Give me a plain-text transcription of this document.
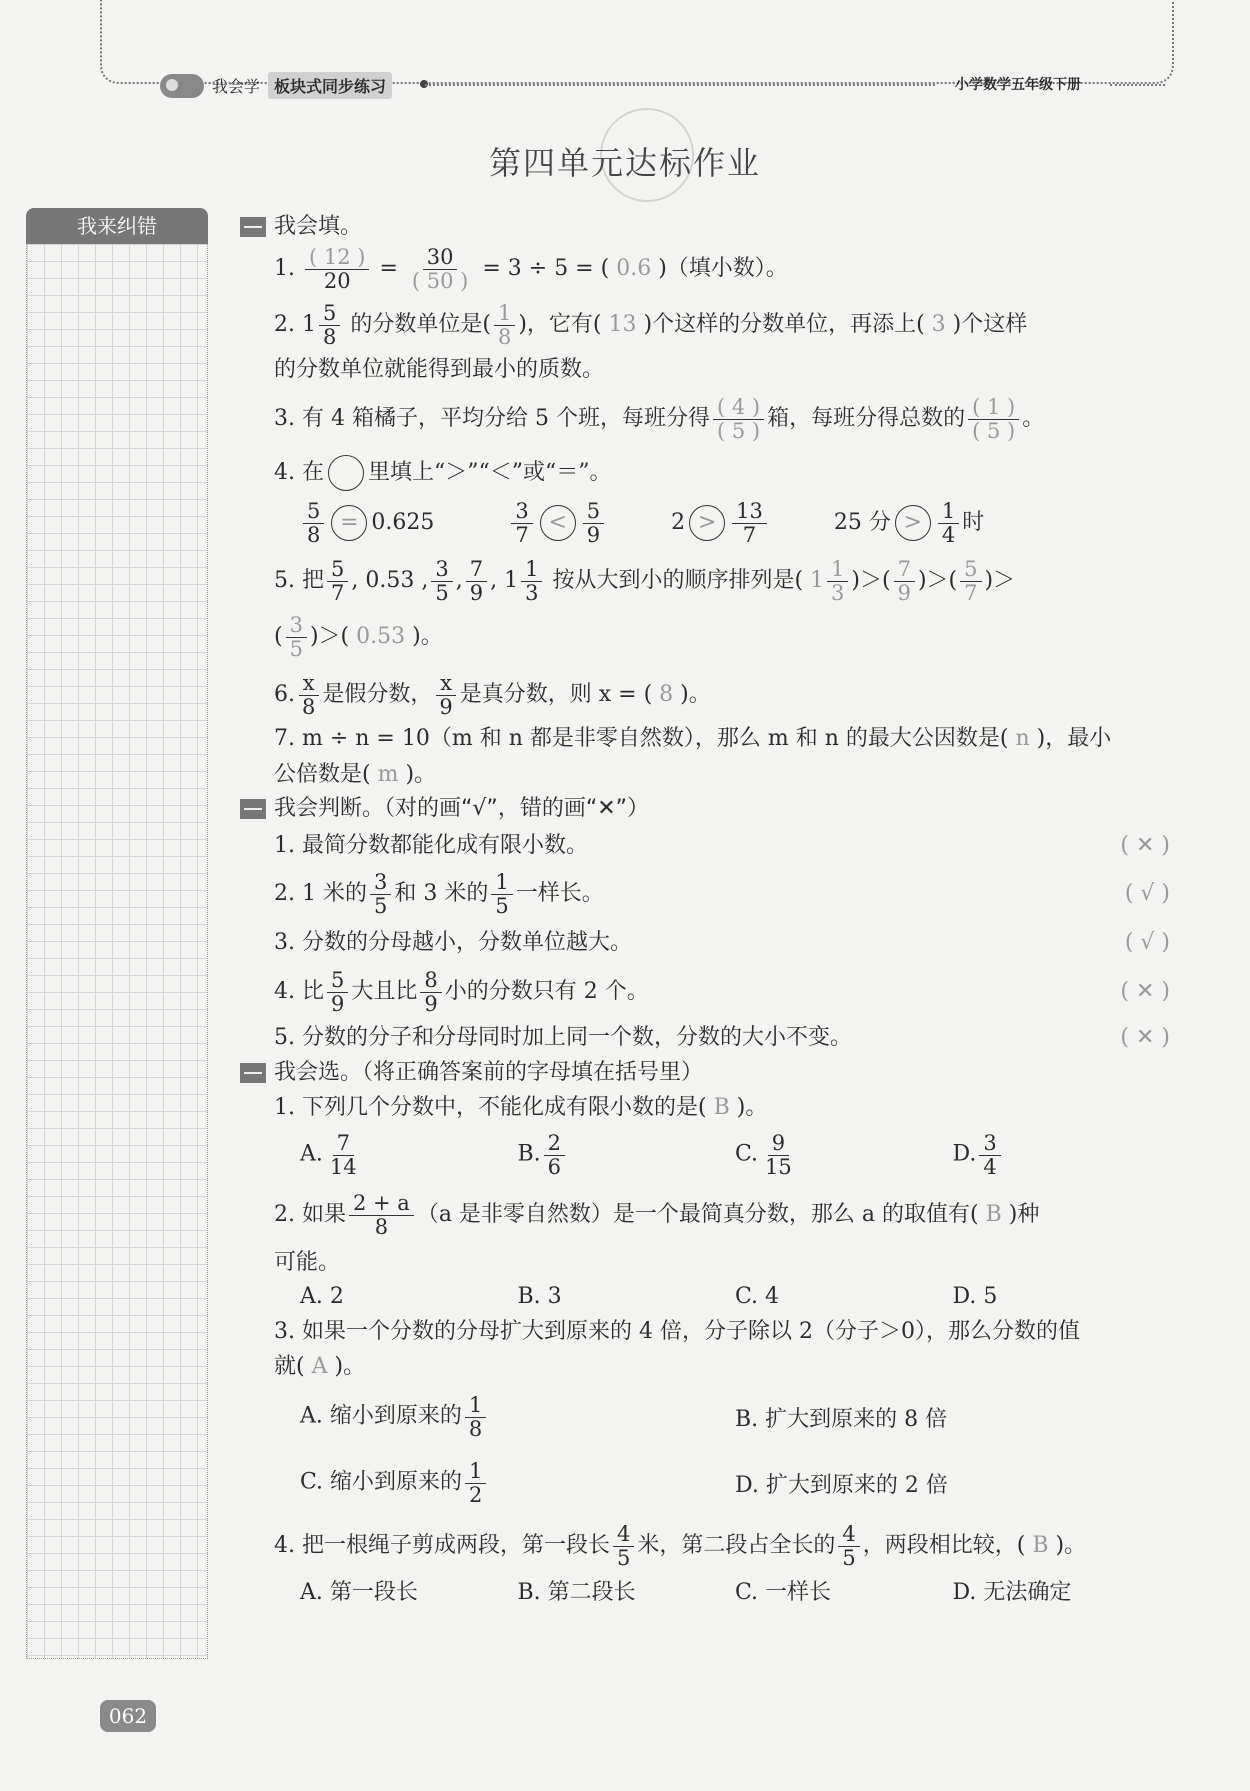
我会学 板块式同步练习	小学数学五年级下册
第四单元达标作业
我来纠错	我会填。
1. $\frac{( 12 )}{20} = \frac{30}{( 50 )} = 3 \div 5$ = ( 0.6 )（填小数）。
2. $1 \frac{5}{8}$ 的分数单位是( $\frac{1}{8}$ )，它有( 13 )个这样的分数单位，再添上( 3 )个这样
的分数单位就能得到最小的质数。
3. 有 4 箱橘子，平均分给 5 个班，每班分得 $\frac{( 4 )}{( 5 )}$ 箱，每班分得总数的 $\frac{( 1 )}{( 5 )}$ 。
4. 在 里填上“＞”“＜”或“＝”。
$\frac{5}{8} = 0.625$	$\frac{3}{7} < \frac{5}{9}$	$2 > \frac{13}{7}$	25 分 > $\frac{1}{4}$ 时
5. 把 $\frac{5}{7}$ , 0.53 , $\frac{3}{5}$ , $\frac{7}{9}$ , $1 \frac{1}{3}$ 按从大到小的顺序排列是( $1 \frac{1}{3}$ )＞( $\frac{7}{9}$ )＞( $\frac{5}{7}$ )＞
( $\frac{3}{5}$ )＞( 0.53 )。
6. $\frac{x}{8}$ 是假分数， $\frac{x}{9}$ 是真分数，则 x = ( 8 )。
7. m ÷ n = 10（m 和 n 都是非零自然数），那么 m 和 n 的最大公因数是( n )，最小
公倍数是( m )。
我会判断。（对的画“√”，错的画“✕”）
1. 最简分数都能化成有限小数。	( ✕ )
2. 1 米的 $\frac{3}{5}$ 和 3 米的 $\frac{1}{5}$ 一样长。	( √ )
3. 分数的分母越小，分数单位越大。	( √ )
4. 比 $\frac{5}{9}$ 大且比 $\frac{8}{9}$ 小的分数只有 2 个。	( ✕ )
5. 分数的分子和分母同时加上同一个数，分数的大小不变。	( ✕ )
我会选。（将正确答案前的字母填在括号里）
1. 下列几个分数中，不能化成有限小数的是( B )。
A. $\frac{7}{14}$	B. $\frac{2}{6}$	C. $\frac{9}{15}$	D. $\frac{3}{4}$
2. 如果 $\frac{2 + a}{8} (a$ 是非零自然数）是一个最简真分数，那么 a 的取值有( B )种
可能。
A. 2	B. 3	C. 4	D. 5
3. 如果一个分数的分母扩大到原来的 4 倍，分子除以 2（分子＞0），那么分数的值
就( A )。
A. 缩小到原来的 $\frac{1}{8}$	B. 扩大到原来的 8 倍
C. 缩小到原来的 $\frac{1}{2}$	D. 扩大到原来的 2 倍
4. 把一根绳子剪成两段，第一段长 $\frac{4}{5}$ 米，第二段占全长的 $\frac{4}{5}$ ，两段相比较，( B )。
A. 第一段长	B. 第二段长	C. 一样长	D. 无法确定
062
